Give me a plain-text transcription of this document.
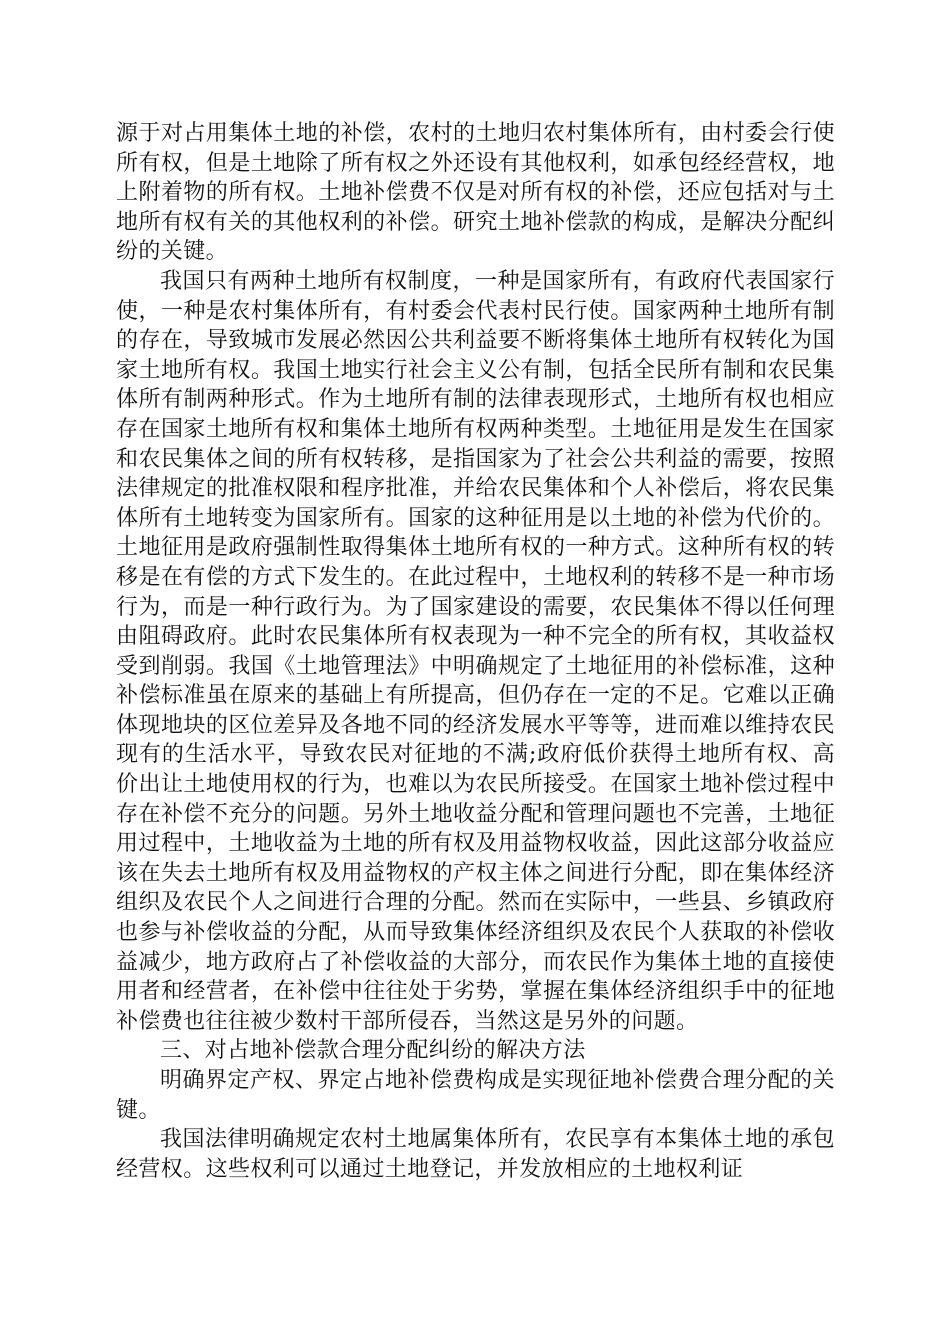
源于对占用集体土地的补偿，农村的土地归农村集体所有，由村委会行使所有权，但是土地除了所有权之外还设有其他权利，如承包经经营权，地上附着物的所有权。土地补偿费不仅是对所有权的补偿，还应包括对与土地所有权有关的其他权利的补偿。研究土地补偿款的构成，是解决分配纠纷的关键。

我国只有两种土地所有权制度，一种是国家所有，有政府代表国家行使，一种是农村集体所有，有村委会代表村民行使。国家两种土地所有制的存在，导致城市发展必然因公共利益要不断将集体土地所有权转化为国家土地所有权。我国土地实行社会主义公有制，包括全民所有制和农民集体所有制两种形式。作为土地所有制的法律表现形式，土地所有权也相应存在国家土地所有权和集体土地所有权两种类型。土地征用是发生在国家和农民集体之间的所有权转移，是指国家为了社会公共利益的需要，按照法律规定的批准权限和程序批准，并给农民集体和个人补偿后，将农民集体所有土地转变为国家所有。国家的这种征用是以土地的补偿为代价的。土地征用是政府强制性取得集体土地所有权的一种方式。这种所有权的转移是在有偿的方式下发生的。在此过程中，土地权利的转移不是一种市场行为，而是一种行政行为。为了国家建设的需要，农民集体不得以任何理由阻碍政府。此时农民集体所有权表现为一种不完全的所有权，其收益权受到削弱。我国《土地管理法》中明确规定了土地征用的补偿标准，这种补偿标准虽在原来的基础上有所提高，但仍存在一定的不足。它难以正确体现地块的区位差异及各地不同的经济发展水平等等，进而难以维持农民现有的生活水平，导致农民对征地的不满;政府低价获得土地所有权、高价出让土地使用权的行为，也难以为农民所接受。在国家土地补偿过程中存在补偿不充分的问题。另外土地收益分配和管理问题也不完善，土地征用过程中，土地收益为土地的所有权及用益物权收益，因此这部分收益应该在失去土地所有权及用益物权的产权主体之间进行分配，即在集体经济组织及农民个人之间进行合理的分配。然而在实际中，一些县、乡镇政府也参与补偿收益的分配，从而导致集体经济组织及农民个人获取的补偿收益减少，地方政府占了补偿收益的大部分，而农民作为集体土地的直接使用者和经营者，在补偿中往往处于劣势，掌握在集体经济组织手中的征地补偿费也往往被少数村干部所侵吞，当然这是另外的问题。

三、对占地补偿款合理分配纠纷的解决方法

明确界定产权、界定占地补偿费构成是实现征地补偿费合理分配的关键。

我国法律明确规定农村土地属集体所有，农民享有本集体土地的承包经营权。这些权利可以通过土地登记，并发放相应的土地权利证
